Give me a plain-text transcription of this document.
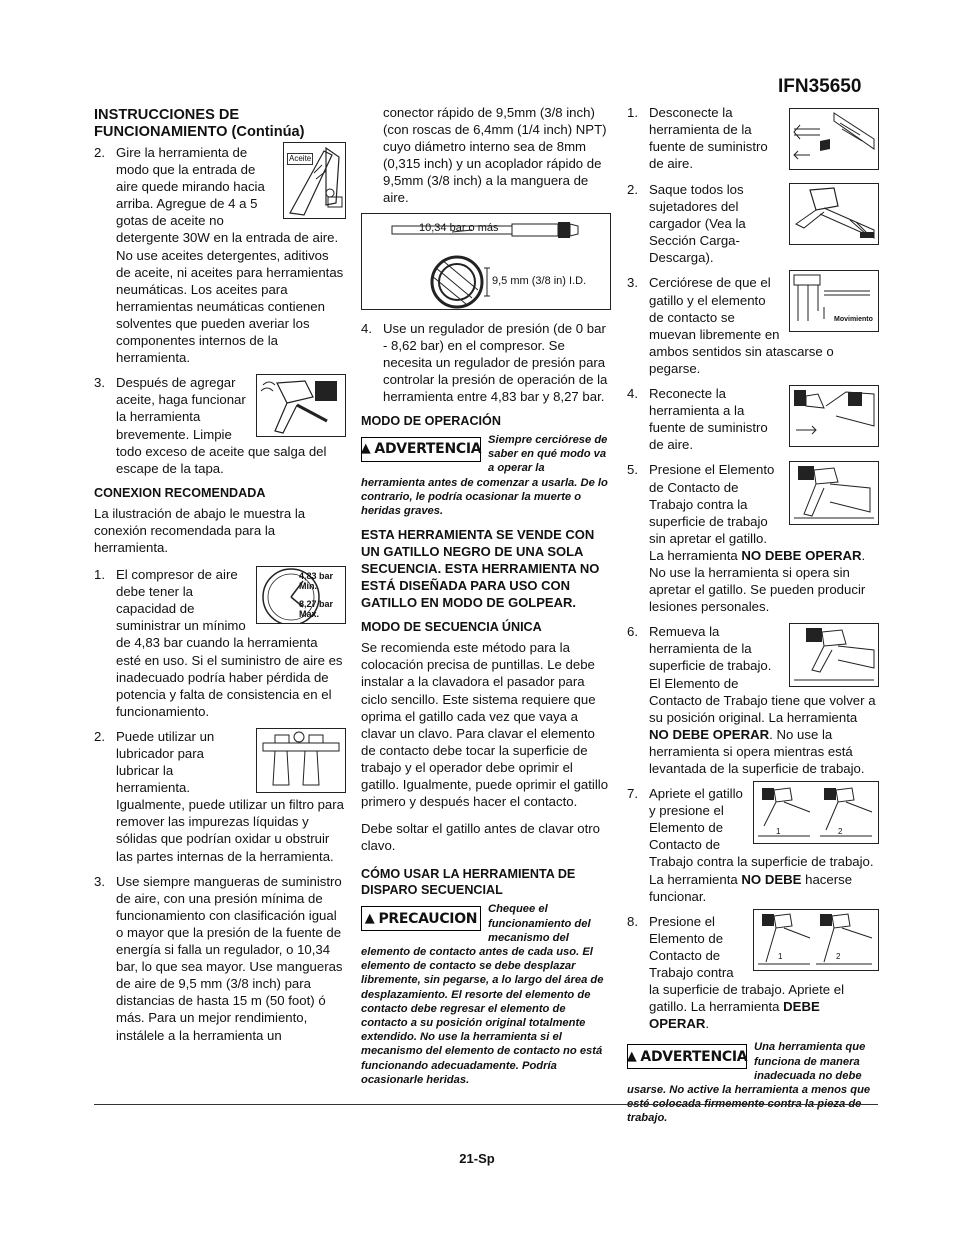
IFN35650
INSTRUCCIONES DE FUNCIONAMIENTO (Continúa)
2.	Aceite
Gire la herramienta de modo que la entrada de aire quede mirando hacia arriba. Agregue de 4 a 5 gotas de aceite no detergente 30W en la entrada de aire. No use aceites detergentes, aditivos de aceite, ni aceites para herramientas neumáticas. Los aceites para herramientas neumáticas contienen solventes que pueden averiar los componentes internos de la herramienta.
3. Después de agregar aceite, haga funcionar la herramienta brevemente. Limpie todo exceso de aceite que salga del escape de la tapa.
CONEXION RECOMENDADA
La ilustración de abajo le muestra la conexión recomendada para la herramienta.
1.	4,83 bar Min.
8,27 bar Max.
El compresor de aire debe tener la capacidad de suministrar un mínimo de 4,83 bar cuando la herramienta esté en uso. Si el suministro de aire es inadecuado podría haber pérdida de potencia y falta de consistencia en el funcionamiento.
2. Puede utilizar un lubricador para lubricar la herramienta. Igualmente, puede utilizar un filtro para remover las impurezas líquidas y sólidas que podrían oxidar u obstruir las partes internas de la herramienta.
3. Use siempre mangueras de suministro de aire, con una presión mínima de funcionamiento con clasificación igual o mayor que la presión de la fuente de energía si falla un regulador, o 10,34 bar, lo que sea mayor. Use mangueras de aire de 9,5 mm (3/8 inch) para distancias de hasta 15 m (50 foot) ó más. Para un mejor rendimiento, instálele a la herramienta un
conector rápido de 9,5mm (3/8 inch) (con roscas de 6,4mm (1/4 inch) NPT) cuyo diámetro interno sea de 8mm (0,315 inch) y un acoplador rápido de 9,5mm (3/8 inch) a la manguera de aire.
10,34 bar o más
9,5 mm (3/8 in) I.D.
4. Use un regulador de presión (de 0 bar - 8,62 bar) en el compresor. Se necesita un regulador de presión para controlar la presión de operación de la herramienta entre 4,83 bar y 8,27 bar.
MODO DE OPERACIÓN
▲ ADVERTENCIA
Siempre cerciórese de saber en qué modo va a operar la herramienta antes de comenzar a usarla. De lo contrario, le podría ocasionar la muerte o heridas graves.
ESTA HERRAMIENTA SE VENDE CON UN GATILLO NEGRO DE UNA SOLA SECUENCIA. ESTA HERRAMIENTA NO ESTÁ DISEÑADA PARA USO CON GATILLO EN MODO DE GOLPEAR.
MODO DE SECUENCIA ÚNICA
Se recomienda este método para la colocación precisa de puntillas. Le debe instalar a la clavadora el pasador para ciclo sencillo. Este sistema requiere que oprima el gatillo cada vez que vaya a clavar un clavo. Para clavar el elemento de contacto debe tocar la superficie de trabajo y el operador debe oprimir el gatillo. Igualmente, puede oprimir el gatillo primero y después hacer el contacto.
Debe soltar el gatillo antes de clavar otro clavo.
CÓMO USAR LA HERRAMIENTA DE DISPARO SECUENCIAL
▲ PRECAUCION
Chequee el funcionamiento del mecanismo del elemento de contacto antes de cada uso. El elemento de contacto se debe desplazar libremente, sin pegarse, a lo largo del área de desplazamiento. El resorte del elemento de contacto debe regresar el elemento de contacto a su posición original totalmente extendido. No use la herramienta si el mecanismo del elemento de contacto no está funcionando adecuadamente. Podría ocasionarle heridas.
1. Desconecte la herramienta de la fuente de suministro de aire.
2. Saque todos los sujetadores del cargador (Vea la Sección Carga-Descarga).
3.
Movimiento
Cerciórese de que el gatillo y el elemento de contacto se muevan libremente en ambos sentidos sin atascarse o pegarse.
4. Reconecte la herramienta a la fuente de suministro de aire.
5. Presione el Elemento de Contacto de Trabajo contra la superficie de trabajo sin apretar el gatillo.
La herramienta NO DEBE OPERAR. No use la herramienta si opera sin apretar el gatillo. Se pueden producir lesiones personales.
6. Remueva la herramienta de la superficie de trabajo. El Elemento de Contacto de Trabajo tiene que volver a su posición original. La herramienta NO DEBE OPERAR. No use la herramienta si opera mientras está levantada de la superficie de trabajo.
7.
1	2
Apriete el gatillo y presione el Elemento de Contacto de Trabajo contra la superficie de trabajo. La herramienta NO DEBE hacerse funcionar.
8.
1	2
Presione el Elemento de Contacto de Trabajo contra la superficie de trabajo. Apriete el gatillo. La herramienta DEBE OPERAR.
▲ ADVERTENCIA
Una herramienta que funciona de manera inadecuada no debe usarse. No active la herramienta a menos que esté colocada firmemente contra la pieza de trabajo.
21-Sp
